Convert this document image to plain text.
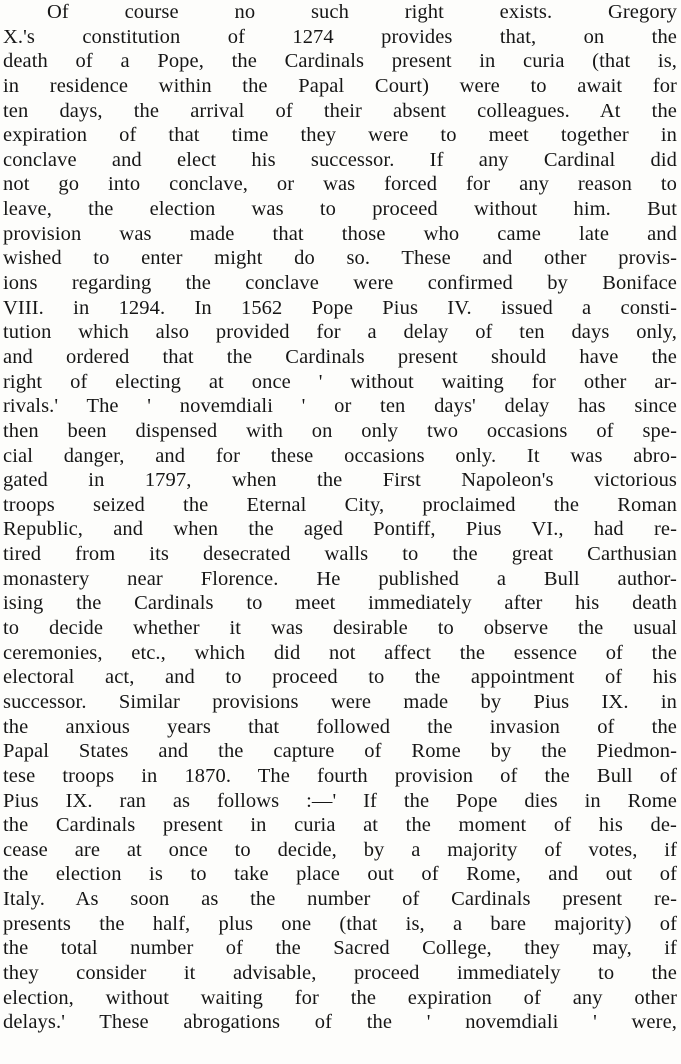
Of course no such right exists. Gregory
X.'s constitution of 1274 provides that, on the
death of a Pope, the Cardinals present in curia (that is,
in residence within the Papal Court) were to await for
ten days, the arrival of their absent colleagues. At the
expiration of that time they were to meet together in
conclave and elect his successor. If any Cardinal did
not go into conclave, or was forced for any reason to
leave, the election was to proceed without him. But
provision was made that those who came late and
wished to enter might do so. These and other provis-
ions regarding the conclave were confirmed by Boniface
VIII. in 1294. In 1562 Pope Pius IV. issued a consti-
tution which also provided for a delay of ten days only,
and ordered that the Cardinals present should have the
right of electing at once ' without waiting for other ar-
rivals.' The ' novemdiali ' or ten days' delay has since
then been dispensed with on only two occasions of spe-
cial danger, and for these occasions only. It was abro-
gated in 1797, when the First Napoleon's victorious
troops seized the Eternal City, proclaimed the Roman
Republic, and when the aged Pontiff, Pius VI., had re-
tired from its desecrated walls to the great Carthusian
monastery near Florence. He published a Bull author-
ising the Cardinals to meet immediately after his death
to decide whether it was desirable to observe the usual
ceremonies, etc., which did not affect the essence of the
electoral act, and to proceed to the appointment of his
successor. Similar provisions were made by Pius IX. in
the anxious years that followed the invasion of the
Papal States and the capture of Rome by the Piedmon-
tese troops in 1870. The fourth provision of the Bull of
Pius IX. ran as follows :—' If the Pope dies in Rome
the Cardinals present in curia at the moment of his de-
cease are at once to decide, by a majority of votes, if
the election is to take place out of Rome, and out of
Italy. As soon as the number of Cardinals present re-
presents the half, plus one (that is, a bare majority) of
the total number of the Sacred College, they may, if
they consider it advisable, proceed immediately to the
election, without waiting for the expiration of any other
delays.' These abrogations of the ' novemdiali ' were,
